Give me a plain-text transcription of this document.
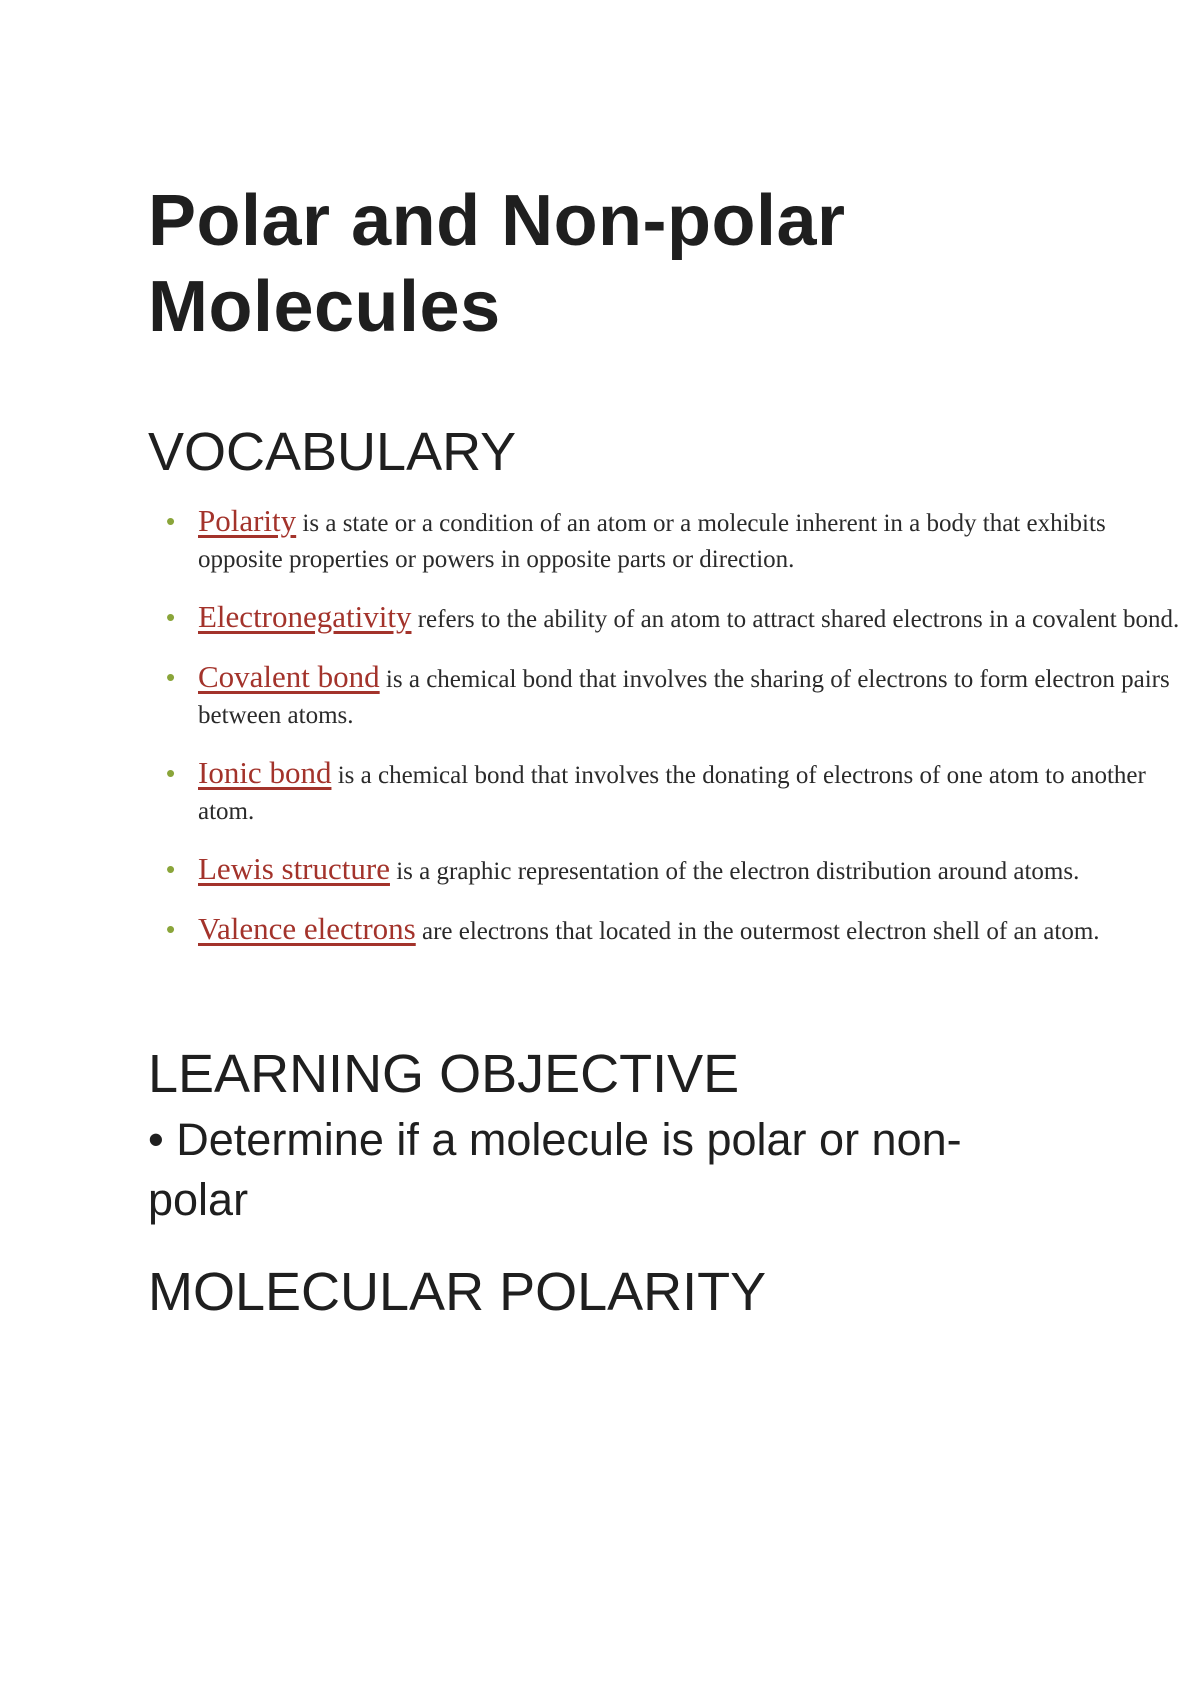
Polar and Non-polar Molecules
VOCABULARY
• Polarity is a state or a condition of an atom or a molecule inherent in a body that exhibits opposite properties or powers in opposite parts or direction.
• Electronegativity refers to the ability of an atom to attract shared electrons in a covalent bond.
• Covalent bond is a chemical bond that involves the sharing of electrons to form electron pairs between atoms.
• Ionic bond is a chemical bond that involves the donating of electrons of one atom to another atom.
• Lewis structure is a graphic representation of the electron distribution around atoms.
• Valence electrons are electrons that located in the outermost electron shell of an atom.
LEARNING OBJECTIVE

• Determine if a molecule is polar or non-polar

MOLECULAR POLARITY
